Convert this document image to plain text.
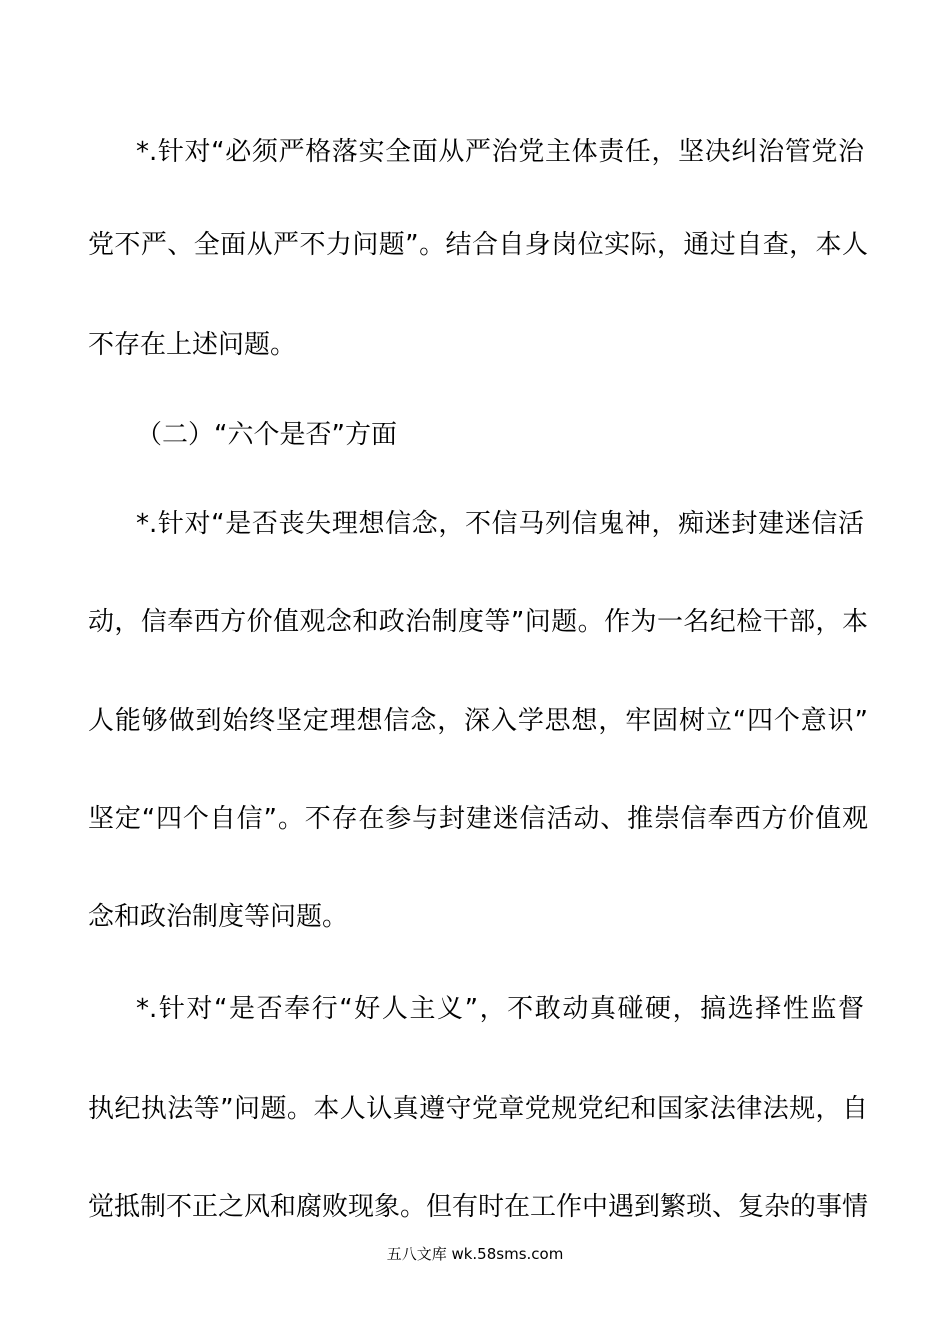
*.针对“必须严格落实全面从严治党主体责任，坚决纠治管党治
党不严、全面从严不力问题”。结合自身岗位实际，通过自查，本人
不存在上述问题。
（二）“六个是否”方面
*.针对“是否丧失理想信念，不信马列信鬼神，痴迷封建迷信活
动，信奉西方价值观念和政治制度等”问题。作为一名纪检干部，本
人能够做到始终坚定理想信念，深入学思想，牢固树立“四个意识”
坚定“四个自信”。不存在参与封建迷信活动、推崇信奉西方价值观
念和政治制度等问题。
*.针对“是否奉行“好人主义”，不敢动真碰硬，搞选择性监督
执纪执法等”问题。本人认真遵守党章党规党纪和国家法律法规，自
觉抵制不正之风和腐败现象。但有时在工作中遇到繁琐、复杂的事情
五八文库 wk.58sms.com
